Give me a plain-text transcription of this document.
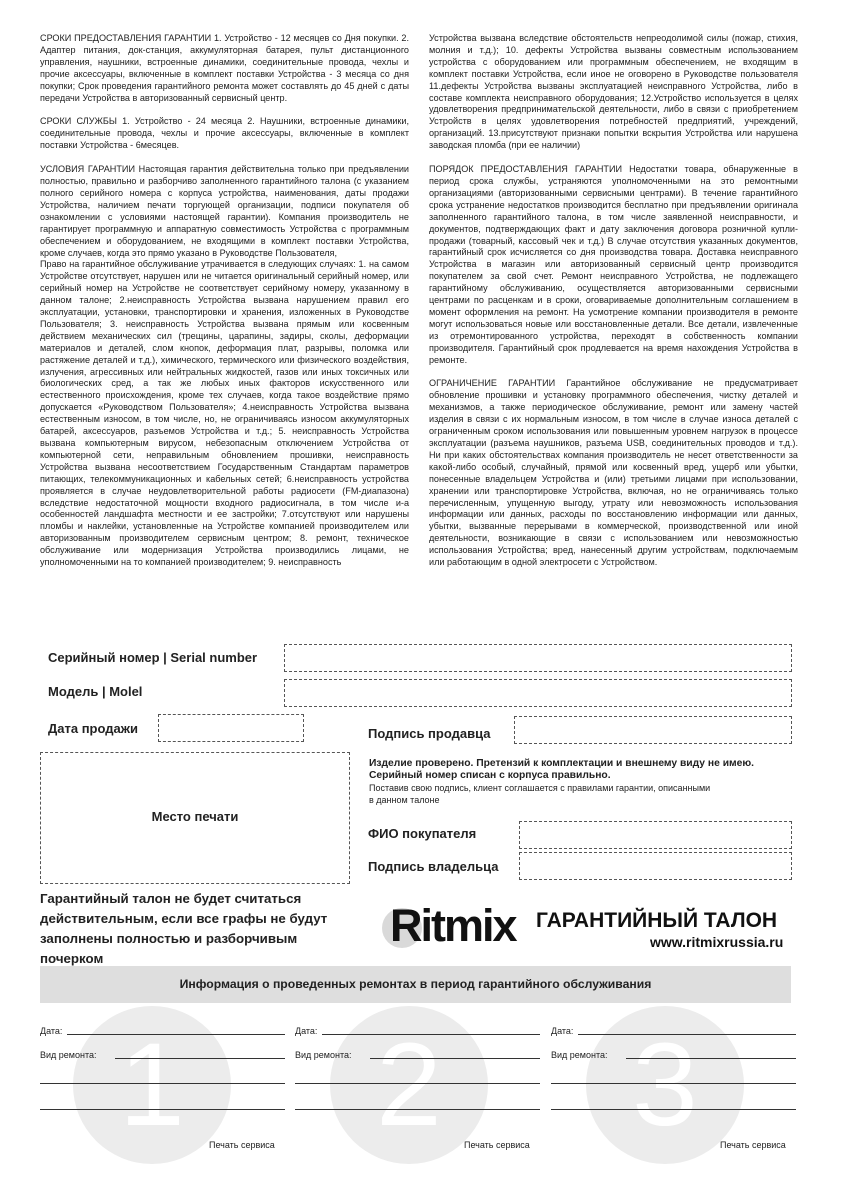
СРОКИ ПРЕДОСТАВЛЕНИЯ ГАРАНТИИ 1. Устройство - 12 месяцев со Дня покупки. 2. Адаптер питания, док-станция, аккумуляторная батарея, пульт дистанционного управления, наушники, встроенные динамики, соединительные провода, чехлы и прочие аксессуары, включенные в комплект поставки Устройства - 3 месяца со дня покупки; Срок проведения гарантийного ремонта может составлять до 45 дней с даты передачи Устройства в авторизованный сервисный центр.

СРОКИ СЛУЖБЫ 1. Устройство - 24 месяца 2. Наушники, встроенные динамики, соединительные провода, чехлы и прочие аксессуары, включенные в комплект поставки Устройства - 6месяцев.

УСЛОВИЯ ГАРАНТИИ Настоящая гарантия действительна только при предъявлении полностью, правильно и разборчиво заполненного гарантийного талона (с указанием полного серийного номера с корпуса устройства, наименования, даты продажи Устройства, наличием печати торгующей организации, подписи покупателя об ознакомлении с условиями настоящей гарантии). Компания производитель не гарантирует программную и аппаратную совместимость Устройства с программным обеспечением и оборудованием, не входящими в комплект поставки Устройства, кроме случаев, когда это прямо указано в Руководстве Пользователя,

Право на гарантийное обслуживание утрачивается в следующих случаях: 1. на самом Устройстве отсутствует, нарушен или не читается оригинальный серийный номер, или серийный номер на Устройстве не соответствует серийному номеру, указанному в данном талоне; 2.неисправность Устройства вызвана нарушением правил его эксплуатации, установки, транспортировки и хранения, изложенных в Руководстве Пользователя; 3. неисправность Устройства вызвана прямым или косвенным действием механических сил (трещины, царапины, задиры, сколы, деформации материалов и деталей, слом кнопок, деформация плат, разрывы, поломка или растяжение деталей и т.д.), химического, термического или физического воздействия, излучения, агрессивных или нейтральных жидкостей, газов или иных токсичных или биологических сред, а так же любых иных факторов искусственного или естественного происхождения, кроме тех случаев, когда такое воздействие прямо допускается «Руководством Пользователя»; 4.неисправность Устройства вызвана естественным износом, в том числе, но, не ограничиваясь износом аккумуляторных батарей, аксессуаров, разъемов Устройства и т.д.; 5. неисправность Устройства вызвана компьютерным вирусом, небезопасным отключением Устройства от компьютерной сети, неправильным обновлением прошивки, неисправность Устройства вызвана несоответствием Государственным Стандартам параметров питающих, телекоммуникационных и кабельных сетей; 6.неисправность устройства проявляется в случае неудовлетворительной работы радиосети (FM-диапазона) вследствие недостаточной мощности входного радиосигнала, в том числе и-а особенностей ландшафта местности и ее застройки; 7.отсутствуют или нарушены пломбы и наклейки, установленные на Устройстве компанией производителем или авторизованным производителем сервисным центром; 8. ремонт, техническое обслуживание или модернизация Устройства производились лицами, не уполномоченными на то компанией производителем; 9. неисправность

Устройства вызвана вследствие обстоятельств непреодолимой силы (пожар, стихия, молния и т.д.); 10. дефекты Устройства вызваны совместным использованием устройства с оборудованием или программным обеспечением, не входящим в комплект поставки Устройства, если иное не оговорено в Руководстве пользователя 11.дефекты Устройства вызваны эксплуатацией неисправного Устройства, либо в составе комплекта неисправного оборудования; 12.Устройство используется в целях удовлетворения предпринимательской деятельности, либо в связи с приобретением Устройств в целях удовлетворения потребностей предприятий, учреждений, организаций. 13.присутствуют признаки попытки вскрытия Устройства или нарушена заводская пломба (при ее наличии)

ПОРЯДОК ПРЕДОСТАВЛЕНИЯ ГАРАНТИИ Недостатки товара, обнаруженные в период срока службы, устраняются уполномоченными на это ремонтными организациями (авторизованными сервисными центрами). В течение гарантийного срока устранение недостатков производится бесплатно при предъявлении оригинала заполненного гарантийного талона, в том числе заявленной неисправности, и документов, подтверждающих факт и дату заключения договора розничной купли-продажи (товарный, кассовый чек и т.д.) В случае отсутствия указанных документов, гарантийный срок исчисляется со дня производства товара. Доставка неисправного Устройства в магазин или авторизованный сервисный центр производится покупателем за свой счет. Ремонт неисправного Устройства, не подлежащего гарантийному обслуживанию, осуществляется авторизованными сервисными центрами по расценкам и в сроки, оговариваемые дополнительным соглашением в момент оформления на ремонт. На усмотрение компании производителя в ремонте могут использоваться новые или восстановленные детали. Все детали, извлеченные из отремонтированного устройства, переходят в собственность компании производителя. Гарантийный срок продлевается на время нахождения Устройства в ремонте.

ОГРАНИЧЕНИЕ ГАРАНТИИ Гарантийное обслуживание не предусматривает обновление прошивки и установку программного обеспечения, чистку деталей и механизмов, а также периодическое обслуживание, ремонт или замену частей изделия в связи с их нормальным износом, в том числе в случае износа деталей с ограниченным сроком использования или повышенным уровнем нагрузок в процессе эксплуатации (разъема наушников, разъема USB, соединительных проводов и т.д.). Ни при каких обстоятельствах компания производитель не несет ответственности за какой-либо особый, случайный, прямой или косвенный вред, ущерб или убытки, понесенные владельцем Устройства и (или) третьими лицами при использовании, хранении или транспортировке Устройства, включая, но не ограничиваясь только перечисленным, упущенную выгоду, утрату или невозможность использования информации или данных, расходы по восстановлению информации или данных, убытки, вызванные перерывами в коммерческой, производственной или иной деятельности, возникающие в связи с использованием или невозможностью использования Устройства; вред, нанесенный другим устройствам, подключаемым или работающим в одной электросети с Устройством.

Серийный номер | Serial number
Модель | Molel
Дата продажи	Подпись продавца
Место печати
Изделие проверено. Претензий к комплектации и внешнему виду не имею.
Серийный номер списан с корпуса правильно.
Поставив свою подпись, клиент соглашается с правилами гарантии, описанными
в данном талоне
ФИО покупателя
Подпись владельца
Гарантийный талон не будет считаться
действительным, если все графы не будут
заполнены полностью и разборчивым
почерком
Ritmix ГАРАНТИЙНЫЙ ТАЛОН
www.ritmixrussia.ru
Информация о проведенных ремонтах в период гарантийного обслуживания
1	2	3
Дата:
Вид ремонта:
Печать сервиса
Дата:
Вид ремонта:
Печать сервиса
Дата:
Вид ремонта:
Печать сервиса
